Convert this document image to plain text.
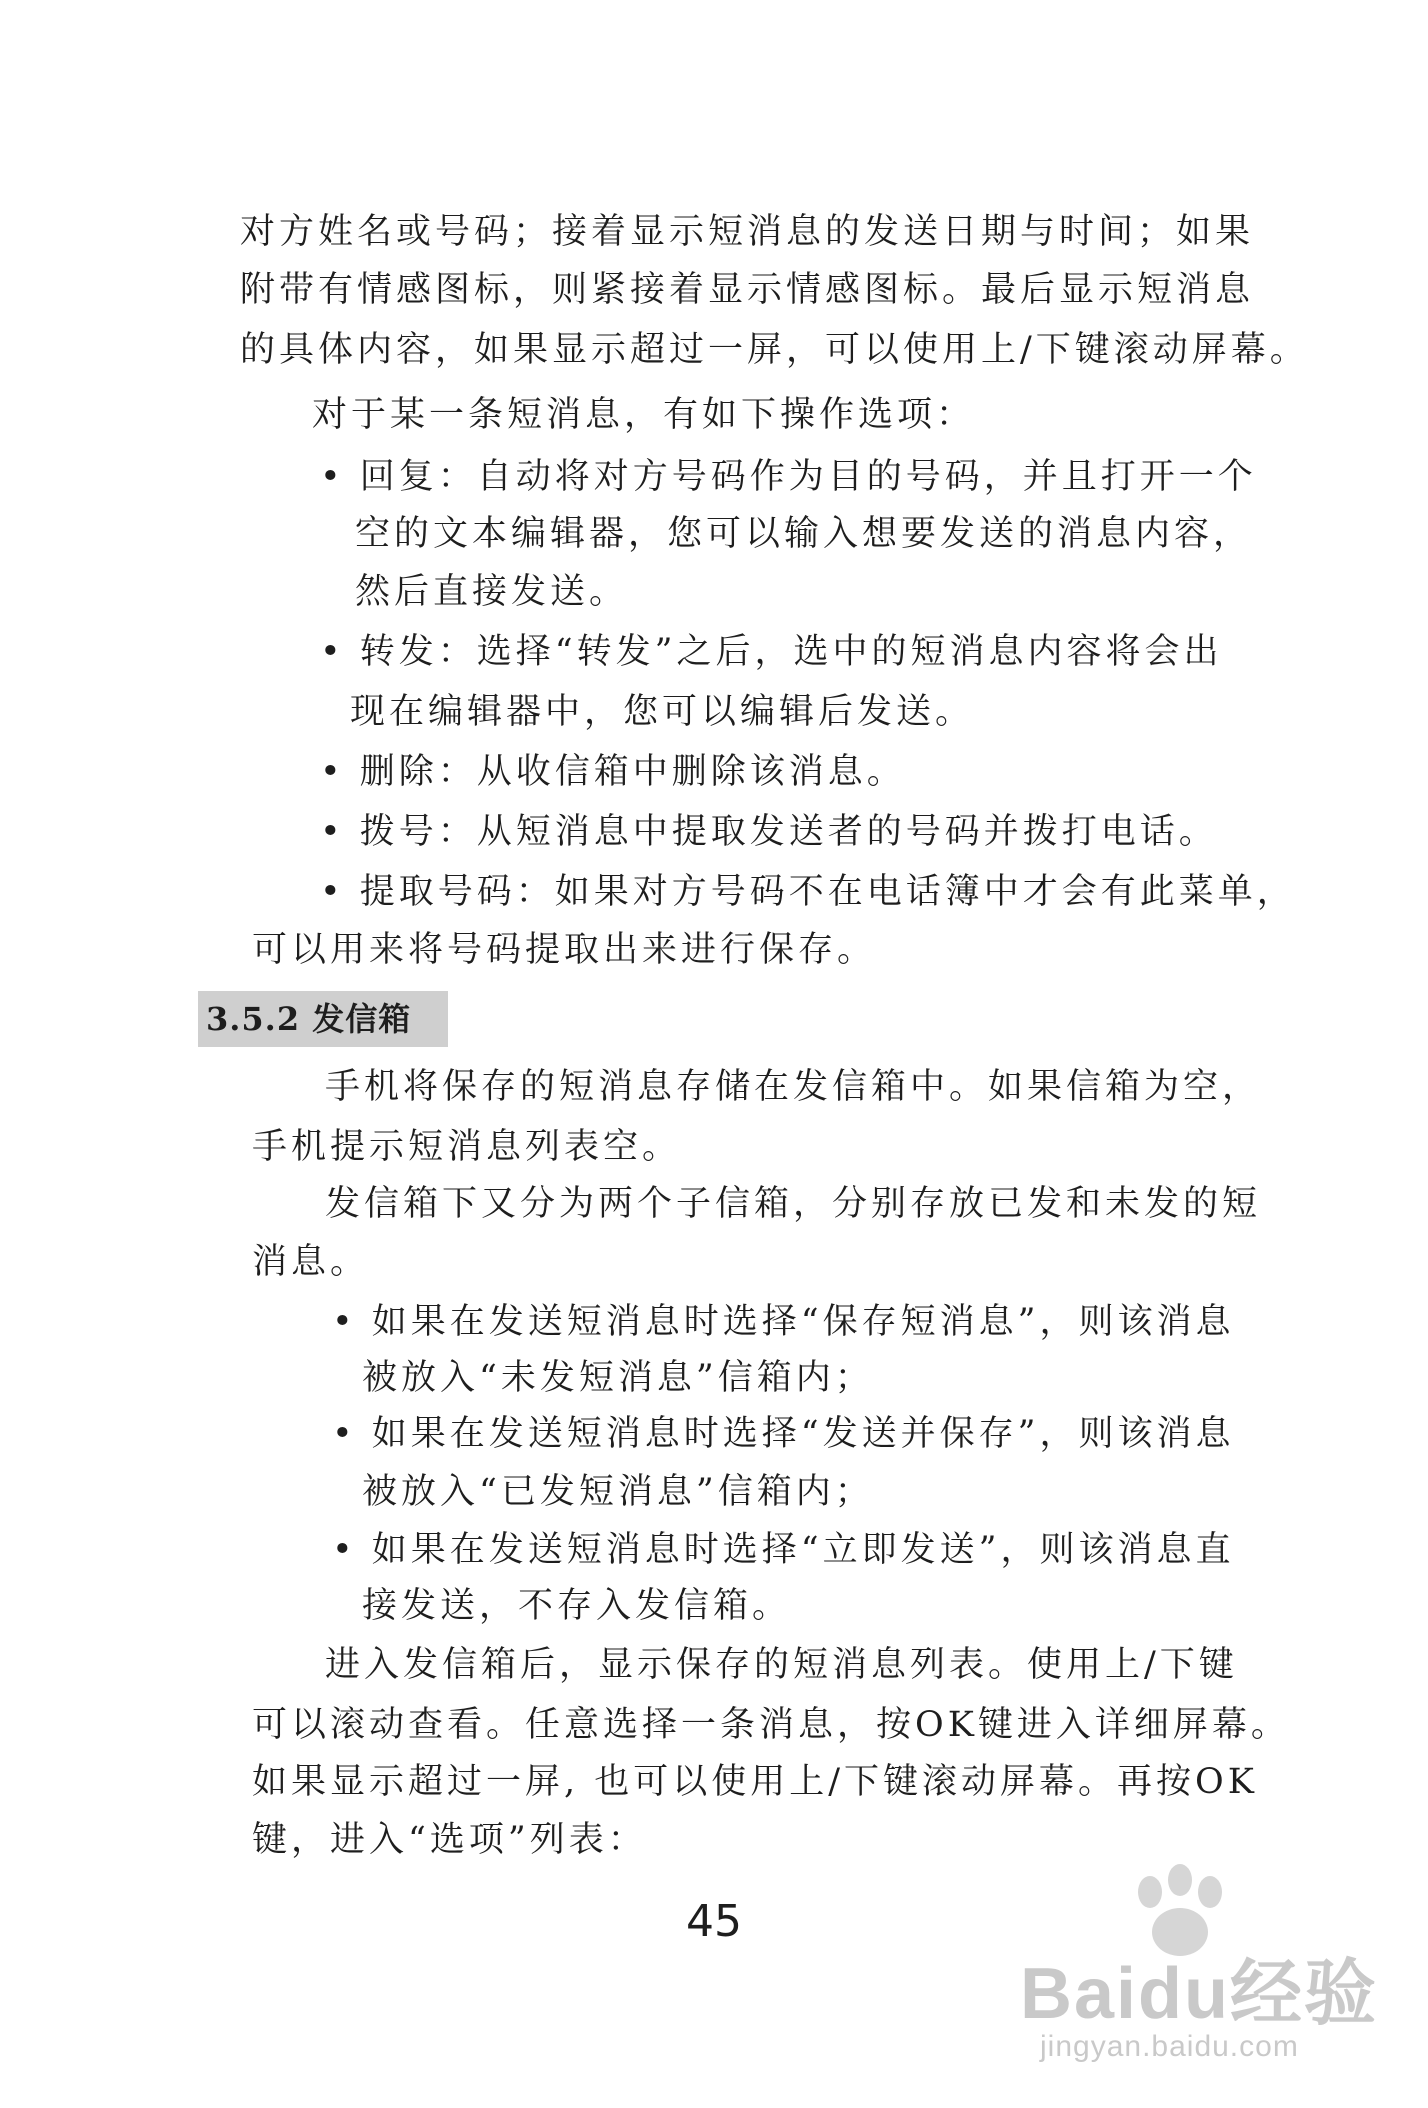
对方姓名或号码；接着显示短消息的发送日期与时间；如果
附带有情感图标，则紧接着显示情感图标。最后显示短消息
的具体内容，如果显示超过一屏，可以使用上/下键滚动屏幕。
对于某一条短消息，有如下操作选项：
• 回复：自动将对方号码作为目的号码，并且打开一个
空的文本编辑器，您可以输入想要发送的消息内容，
然后直接发送。
• 转发：选择“转发”之后，选中的短消息内容将会出
现在编辑器中，您可以编辑后发送。
• 删除：从收信箱中删除该消息。
• 拨号：从短消息中提取发送者的号码并拨打电话。
• 提取号码：如果对方号码不在电话簿中才会有此菜单，
可以用来将号码提取出来进行保存。
3.5.2 发信箱
手机将保存的短消息存储在发信箱中。如果信箱为空，
手机提示短消息列表空。
发信箱下又分为两个子信箱，分别存放已发和未发的短
消息。
• 如果在发送短消息时选择“保存短消息”，则该消息
被放入“未发短消息”信箱内；
• 如果在发送短消息时选择“发送并保存”，则该消息
被放入“已发短消息”信箱内；
• 如果在发送短消息时选择“立即发送”，则该消息直
接发送，不存入发信箱。
进入发信箱后，显示保存的短消息列表。使用上/下键
可以滚动查看。任意选择一条消息，按OK键进入详细屏幕。
如果显示超过一屏, 也可以使用上/下键滚动屏幕。再按OK
键，进入“选项”列表：
45
Baidu经验
jingyan.baidu.com
